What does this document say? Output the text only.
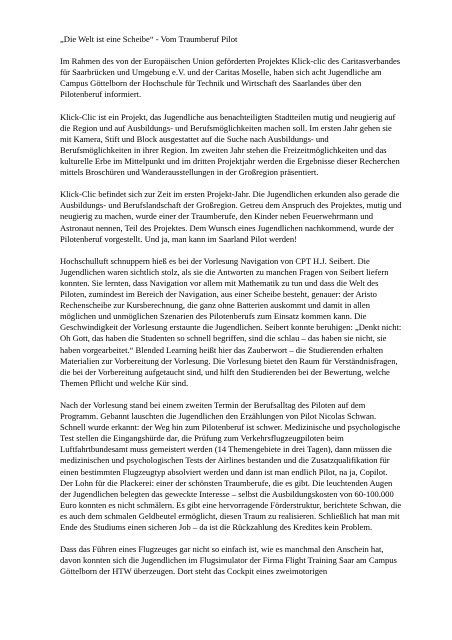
„Die Welt ist eine Scheibe“ - Vom Traumberuf Pilot

Im Rahmen des von der Europäischen Union geförderten Projektes Klick-clic des Caritasverbandes für Saarbrücken und Umgebung e.V. und der Caritas Moselle, haben sich acht Jugendliche am Campus Göttelborn der Hochschule für Technik und Wirtschaft des Saarlandes über den Pilotenberuf informiert.

Klick-Clic ist ein Projekt, das Jugendliche aus benachteiligten Stadtteilen mutig und neugierig auf die Region und auf Ausbildungs- und Berufsmöglichkeiten machen soll. Im ersten Jahr gehen sie mit Kamera, Stift und Block ausgestattet auf die Suche nach Ausbildungs- und Berufsmöglichkeiten in ihrer Region. Im zweiten Jahr stehen die Freizeitmöglichkeiten und das kulturelle Erbe im Mittelpunkt und im dritten Projektjahr werden die Ergebnisse dieser Recherchen mittels Broschüren und Wanderausstellungen in der Großregion präsentiert.

Klick-Clic befindet sich zur Zeit im ersten Projekt-Jahr. Die Jugendlichen erkunden also gerade die Ausbildungs- und Berufslandschaft der Großregion. Getreu dem Anspruch des Projektes, mutig und neugierig zu machen, wurde einer der Traumberufe, den Kinder neben Feuerwehrmann und Astronaut nennen, Teil des Projektes. Dem Wunsch eines Jugendlichen nachkommend, wurde der Pilotenberuf vorgestellt. Und ja, man kann im Saarland Pilot werden!

Hochschulluft schnuppern hieß es bei der Vorlesung Navigation von CPT H.J. Seibert. Die Jugendlichen waren sichtlich stolz, als sie die Antworten zu manchen Fragen von Seibert liefern konnten. Sie lernten, dass Navigation vor allem mit Mathematik zu tun und dass die Welt des Piloten, zumindest im Bereich der Navigation, aus einer Scheibe besteht, genauer: der Aristo Rechenscheibe zur Kursberechnung, die ganz ohne Batterien auskommt und damit in allen möglichen und unmöglichen Szenarien des Pilotenberufs zum Einsatz kommen kann. Die Geschwindigkeit der Vorlesung erstaunte die Jugendlichen. Seibert konnte beruhigen: „Denkt nicht: Oh Gott, das haben die Studenten so schnell begriffen, sind die schlau – das haben sie nicht, sie haben vorgearbeitet.“ Blended Learning heißt hier das Zauberwort – die Studierenden erhalten Materialien zur Vorbereitung der Vorlesung. Die Vorlesung bietet den Raum für Verständnisfragen, die bei der Vorbereitung aufgetaucht sind, und hilft den Studierenden bei der Bewertung, welche Themen Pflicht und welche Kür sind.

Nach der Vorlesung stand bei einem zweiten Termin der Berufsalltag des Piloten auf dem Programm. Gebannt lauschten die Jugendlichen den Erzählungen von Pilot Nicolas Schwan. Schnell wurde erkannt: der Weg hin zum Pilotenberuf ist schwer. Medizinische und psychologische Test stellen die Eingangshürde dar, die Prüfung zum Verkehrsflugzeugpiloten beim Luftfahrtbundesamt muss gemeistert werden (14 Themengebiete in drei Tagen), dann müssen die medizinischen und psychologischen Tests der Airlines bestanden und die Zusatzqualifikation für einen bestimmten Flugzeugtyp absolviert werden und dann ist man endlich Pilot, na ja, Copilot. Der Lohn für die Plackerei: einer der schönsten Traumberufe, die es gibt. Die leuchtenden Augen der Jugendlichen belegten das geweckte Interesse – selbst die Ausbildungskosten von 60-100.000 Euro konnten es nicht schmälern. Es gibt eine hervorragende Förderstruktur, berichtete Schwan, die es auch dem schmalen Geldbeutel ermöglicht, diesen Traum zu realisieren. Schließlich hat man mit Ende des Studiums einen sicheren Job – da ist die Rückzahlung des Kredites kein Problem.

Dass das Führen eines Flugzeuges gar nicht so einfach ist, wie es manchmal den Anschein hat, davon konnten sich die Jugendlichen im Flugsimulator der Firma Flight Training Saar am Campus Göttelborn der HTW überzeugen. Dort steht das Cockpit eines zweimotorigen
